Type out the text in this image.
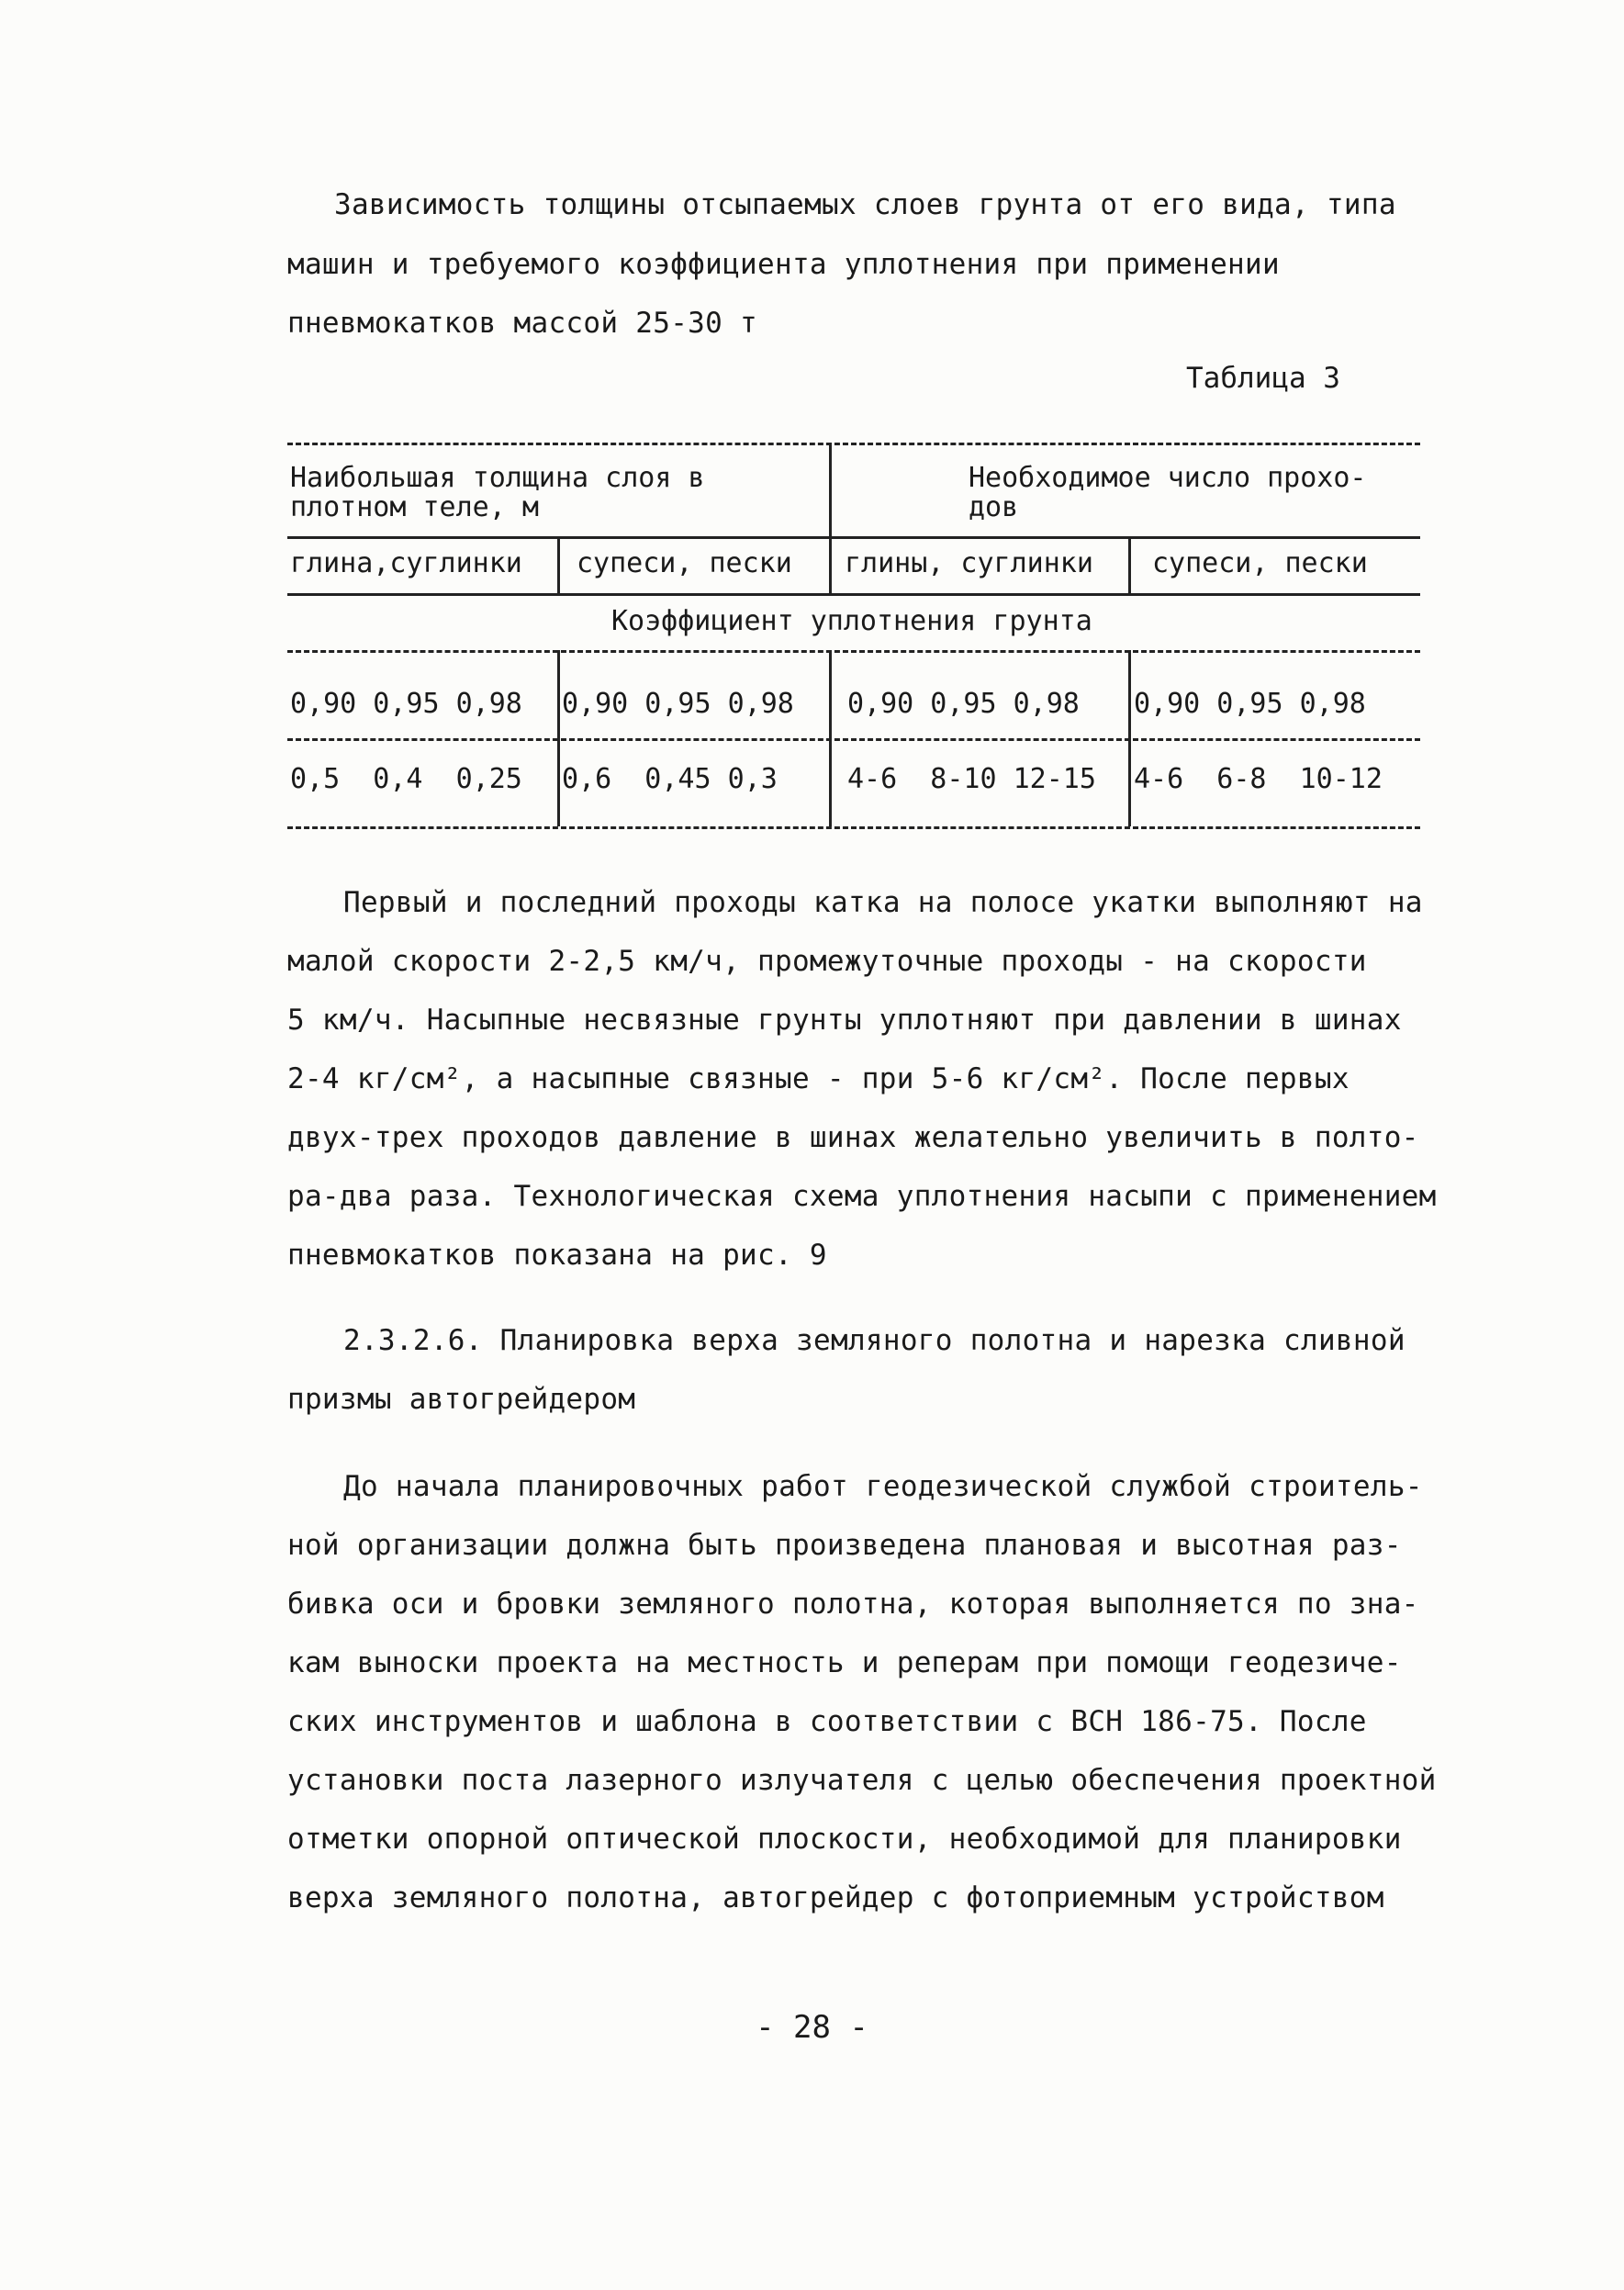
Зависимость толщины отсыпаемых слоев грунта от его вида, типа
машин и требуемого коэффициента уплотнения при применении
пневмокатков массой 25-30 т
Таблица 3
Наибольшая толщина слоя в плотном теле, м
Необходимое число прохо- дов
глина,суглинки супеси, пески глины, суглинки супеси, пески
Коэффициент уплотнения грунта
0,90 0,95 0,98 0,90 0,95 0,98 0,90 0,95 0,98 0,90 0,95 0,98
0,5  0,4  0,25 0,6  0,45 0,3	4-6  8-10 12-15 4-6  6-8  10-12
Первый и последний проходы катка на полосе укатки выполняют на
малой скорости 2-2,5 км/ч, промежуточные проходы - на скорости
5 км/ч. Насыпные несвязные грунты уплотняют при давлении в шинах
2-4 кг/см², а насыпные связные - при 5-6 кг/см². После первых
двух-трех проходов давление в шинах желательно увеличить в полто-
ра-два раза. Технологическая схема уплотнения насыпи с применением
пневмокатков показана на рис. 9
2.3.2.6. Планировка верха земляного полотна и нарезка сливной
призмы автогрейдером
До начала планировочных работ геодезической службой строитель-
ной организации должна быть произведена плановая и высотная раз-
бивка оси и бровки земляного полотна, которая выполняется по зна-
кам выноски проекта на местность и реперам при помощи геодезиче-
ских инструментов и шаблона в соответствии с ВСН 186-75. После
установки поста лазерного излучателя с целью обеспечения проектной
отметки опорной оптической плоскости, необходимой для планировки
верха земляного полотна, автогрейдер с фотоприемным устройством
- 28 -
